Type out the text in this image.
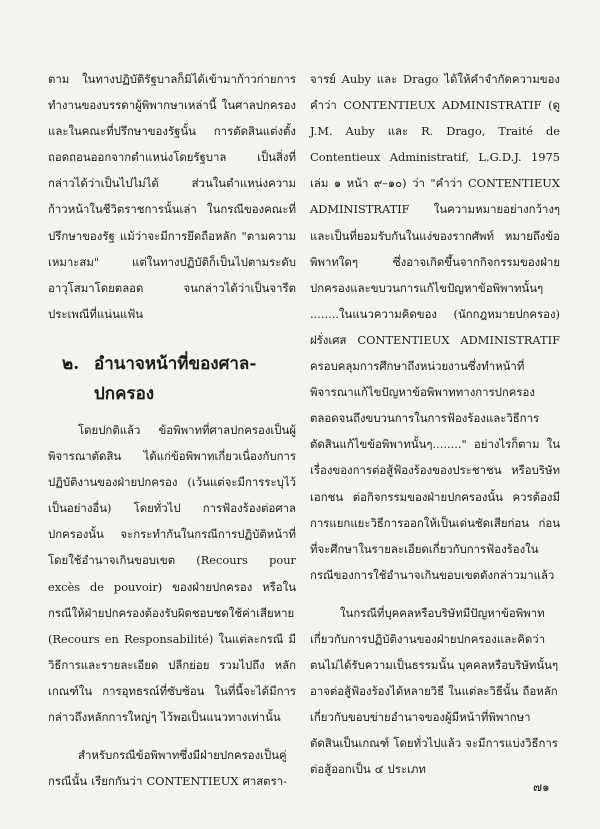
ตาม ในทางปฏิบัติรัฐบาลก็มิได้เข้ามาก้าวก่ายการทำงานของบรรดาผู้พิพากษาเหล่านี้ ในศาลปกครองและในคณะที่ปรึกษาของรัฐนั้น การตัดสินแต่งตั้งถอดถอนออกจากตำแหน่งโดยรัฐบาล เป็นสิ่งที่กล่าวได้ว่าเป็นไปไม่ได้ ส่วนในตำแหน่งความก้าวหน้าในชีวิตราชการนั้นเล่า ในกรณีของคณะที่ปรึกษาของรัฐ แม้ว่าจะมีการยึดถือหลัก "ตามความเหมาะสม" แต่ในทางปฏิบัติก็เป็นไปตามระดับอาวุโสมาโดยตลอด จนกล่าวได้ว่าเป็นจารีตประเพณีที่แน่นแฟ้น

๒. อำนาจหน้าที่ของศาล-
ปกครอง

โดยปกติแล้ว ข้อพิพาทที่ศาลปกครองเป็นผู้พิจารณาตัดสิน ได้แก่ข้อพิพาทเกี่ยวเนื่องกับการปฏิบัติงานของฝ่ายปกครอง (เว้นแต่จะมีการระบุไว้เป็นอย่างอื่น) โดยทั่วไป การฟ้องร้องต่อศาลปกครองนั้น จะกระทำกันในกรณีการปฏิบัติหน้าที่โดยใช้อำนาจเกินขอบเขต (Recours pour excès de pouvoir) ของฝ่ายปกครอง หรือในกรณีให้ฝ่ายปกครองต้องรับผิดชอบชดใช้ค่าเสียหาย (Recours en Responsabilité) ในแต่ละกรณี มีวิธีการและรายละเอียด ปลีกย่อย รวมไปถึง หลักเกณฑ์ใน การอุทธรณ์ที่ซับซ้อน ในที่นี้จะได้มีการกล่าวถึงหลักการใหญ่ๆ ไว้พอเป็นแนวทางเท่านั้น

สำหรับกรณีข้อพิพาทซึ่งมีฝ่ายปกครองเป็นคู่กรณีนั้น เรียกกันว่า CONTENTIEUX ศาสตรา-

จารย์ Auby และ Drago ได้ให้คำจำกัดความของคำว่า CONTENTIEUX ADMINISTRATIF (ดู J.M. Auby และ R. Drago, Traité de Contentieux Administratif, L.G.D.J. 1975 เล่ม ๑ หน้า ๙–๑๐) ว่า "คำว่า CONTENTIEUX ADMINISTRATIF ในความหมายอย่างกว้างๆ และเป็นที่ยอมรับกันในแง่ของรากศัพท์ หมายถึงข้อพิพาทใดๆ ซึ่งอาจเกิดขึ้นจากกิจกรรมของฝ่ายปกครองและขบวนการแก้ไขปัญหาข้อพิพาทนั้นๆ ........ในแนวความคิดของ (นักกฎหมายปกครอง) ฝรั่งเศส CONTENTIEUX ADMINISTRATIF ครอบคลุมการศึกษาถึงหน่วยงานซึ่งทำหน้าที่พิจารณาแก้ไขปัญหาข้อพิพาททางการปกครอง ตลอดจนถึงขบวนการในการฟ้องร้องและวิธีการตัดสินแก้ไขข้อพิพาทนั้นๆ........" อย่างไรก็ตาม ในเรื่องของการต่อสู้ฟ้องร้องของประชาชน หรือบริษัทเอกชน ต่อกิจกรรมของฝ่ายปกครองนั้น ควรต้องมีการแยกแยะวิธีการออกให้เป็นเด่นชัดเสียก่อน ก่อนที่จะศึกษาในรายละเอียดเกี่ยวกับการฟ้องร้องในกรณีของการใช้อำนาจเกินขอบเขตดังกล่าวมาแล้ว

ในกรณีที่บุคคลหรือบริษัทมีปัญหาข้อพิพาทเกี่ยวกับการปฏิบัติงานของฝ่ายปกครองและคิดว่าตนไม่ได้รับความเป็นธรรมนั้น บุคคลหรือบริษัทนั้นๆ อาจต่อสู้ฟ้องร้องได้หลายวิธี ในแต่ละวิธีนั้น ถือหลักเกี่ยวกับขอบข่ายอำนาจของผู้มีหน้าที่พิพากษาตัดสินเป็นเกณฑ์ โดยทั่วไปแล้ว จะมีการแบ่งวิธีการต่อสู้ออกเป็น ๔ ประเภท

๗๑
